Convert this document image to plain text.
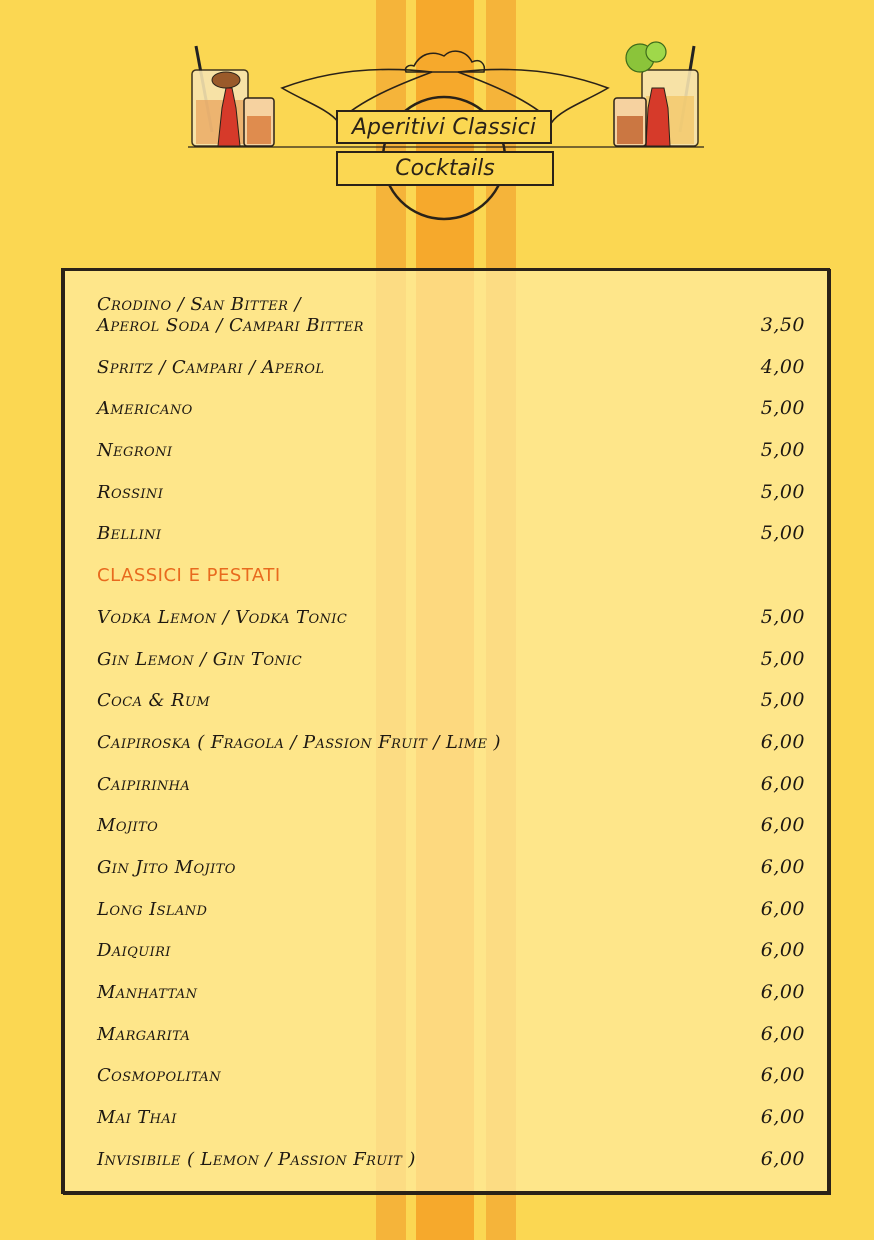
Aperitivi Classici
Cocktails
Crodino / San Bitter /
Aperol Soda / Campari Bitter	3,50
Spritz / Campari / Aperol	4,00
Americano	5,00
Negroni	5,00
Rossini	5,00
Bellini	5,00
CLASSICI E PESTATI
Vodka Lemon / Vodka Tonic	5,00
Gin Lemon / Gin Tonic	5,00
Coca & Rum	5,00
Caipiroska ( Fragola / Passion Fruit / Lime )	6,00
Caipirinha	6,00
Mojito	6,00
Gin Jito Mojito	6,00
Long Island	6,00
Daiquiri	6,00
Manhattan	6,00
Margarita	6,00
Cosmopolitan	6,00
Mai Thai	6,00
Invisibile ( Lemon / Passion Fruit )	6,00
